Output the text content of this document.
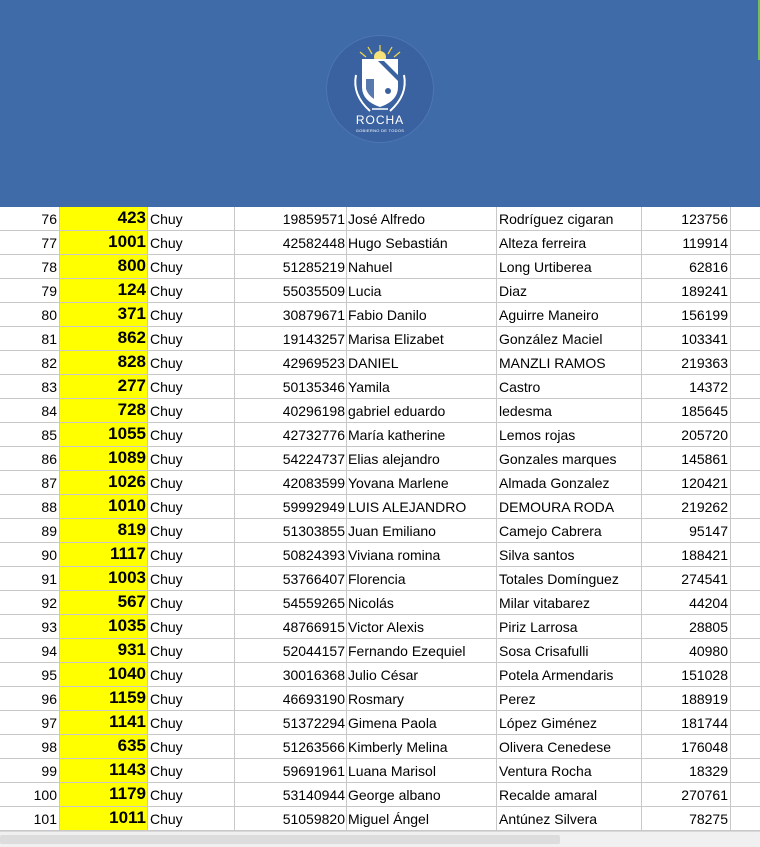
ROCHA
GOBIERNO DE TODOS
76	423 Chuy	19859571 José Alfredo	Rodríguez cigaran	123756
77	1001 Chuy	42582448 Hugo Sebastián	Alteza ferreira	119914
78	800 Chuy	51285219 Nahuel	Long Urtiberea	62816
79	124 Chuy	55035509 Lucia	Diaz	189241
80	371 Chuy	30879671 Fabio Danilo	Aguirre Maneiro	156199
81	862 Chuy	19143257 Marisa Elizabet	González Maciel	103341
82	828 Chuy	42969523 DANIEL	MANZLI RAMOS	219363
83	277 Chuy	50135346 Yamila	Castro	14372
84	728 Chuy	40296198 gabriel eduardo	ledesma	185645
85	1055 Chuy	42732776 María katherine	Lemos rojas	205720
86	1089 Chuy	54224737 Elias alejandro	Gonzales marques	145861
87	1026 Chuy	42083599 Yovana Marlene	Almada Gonzalez	120421
88	1010 Chuy	59992949 LUIS ALEJANDRO	DEMOURA RODA	219262
89	819 Chuy	51303855 Juan Emiliano	Camejo Cabrera	95147
90	1117 Chuy	50824393 Viviana romina	Silva santos	188421
91	1003 Chuy	53766407 Florencia	Totales Domínguez	274541
92	567 Chuy	54559265 Nicolás	Milar vitabarez	44204
93	1035 Chuy	48766915 Victor Alexis	Piriz Larrosa	28805
94	931 Chuy	52044157 Fernando Ezequiel	Sosa Crisafulli	40980
95	1040 Chuy	30016368 Julio César	Potela Armendaris	151028
96	1159 Chuy	46693190 Rosmary	Perez	188919
97	1141 Chuy	51372294 Gimena Paola	López Giménez	181744
98	635 Chuy	51263566 Kimberly Melina	Olivera Cenedese	176048
99	1143 Chuy	59691961 Luana Marisol	Ventura Rocha	18329
100	1179 Chuy	53140944 George albano	Recalde amaral	270761
101	1011 Chuy	51059820 Miguel Ángel	Antúnez Silvera	78275
